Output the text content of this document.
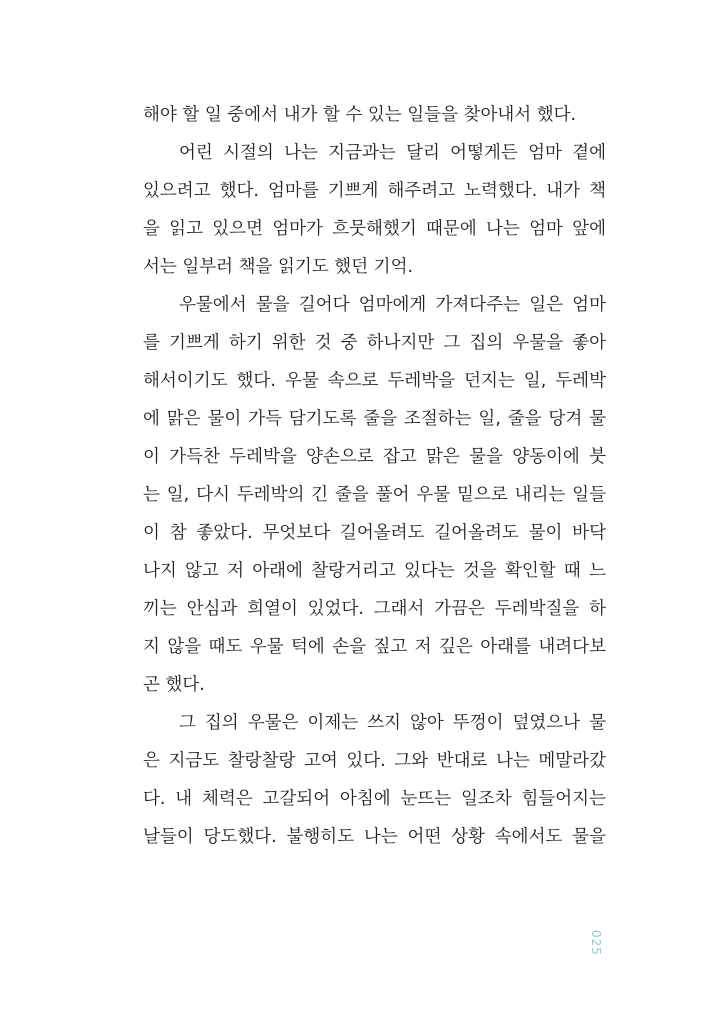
해야 할 일 중에서 내가 할 수 있는 일들을 찾아내서 했다.
어린 시절의 나는 지금과는 달리 어떻게든 엄마 곁에
있으려고 했다. 엄마를 기쁘게 해주려고 노력했다. 내가 책
을 읽고 있으면 엄마가 흐뭇해했기 때문에 나는 엄마 앞에
서는 일부러 책을 읽기도 했던 기억.
우물에서 물을 길어다 엄마에게 가져다주는 일은 엄마
를 기쁘게 하기 위한 것 중 하나지만 그 집의 우물을 좋아
해서이기도 했다. 우물 속으로 두레박을 던지는 일, 두레박
에 맑은 물이 가득 담기도록 줄을 조절하는 일, 줄을 당겨 물
이 가득찬 두레박을 양손으로 잡고 맑은 물을 양동이에 붓
는 일, 다시 두레박의 긴 줄을 풀어 우물 밑으로 내리는 일들
이 참 좋았다. 무엇보다 길어올려도 길어올려도 물이 바닥
나지 않고 저 아래에 찰랑거리고 있다는 것을 확인할 때 느
끼는 안심과 희열이 있었다. 그래서 가끔은 두레박질을 하
지 않을 때도 우물 턱에 손을 짚고 저 깊은 아래를 내려다보
곤 했다.
그 집의 우물은 이제는 쓰지 않아 뚜껑이 덮였으나 물
은 지금도 찰랑찰랑 고여 있다. 그와 반대로 나는 메말라갔
다. 내 체력은 고갈되어 아침에 눈뜨는 일조차 힘들어지는
날들이 당도했다. 불행히도 나는 어떤 상황 속에서도 물을
025
